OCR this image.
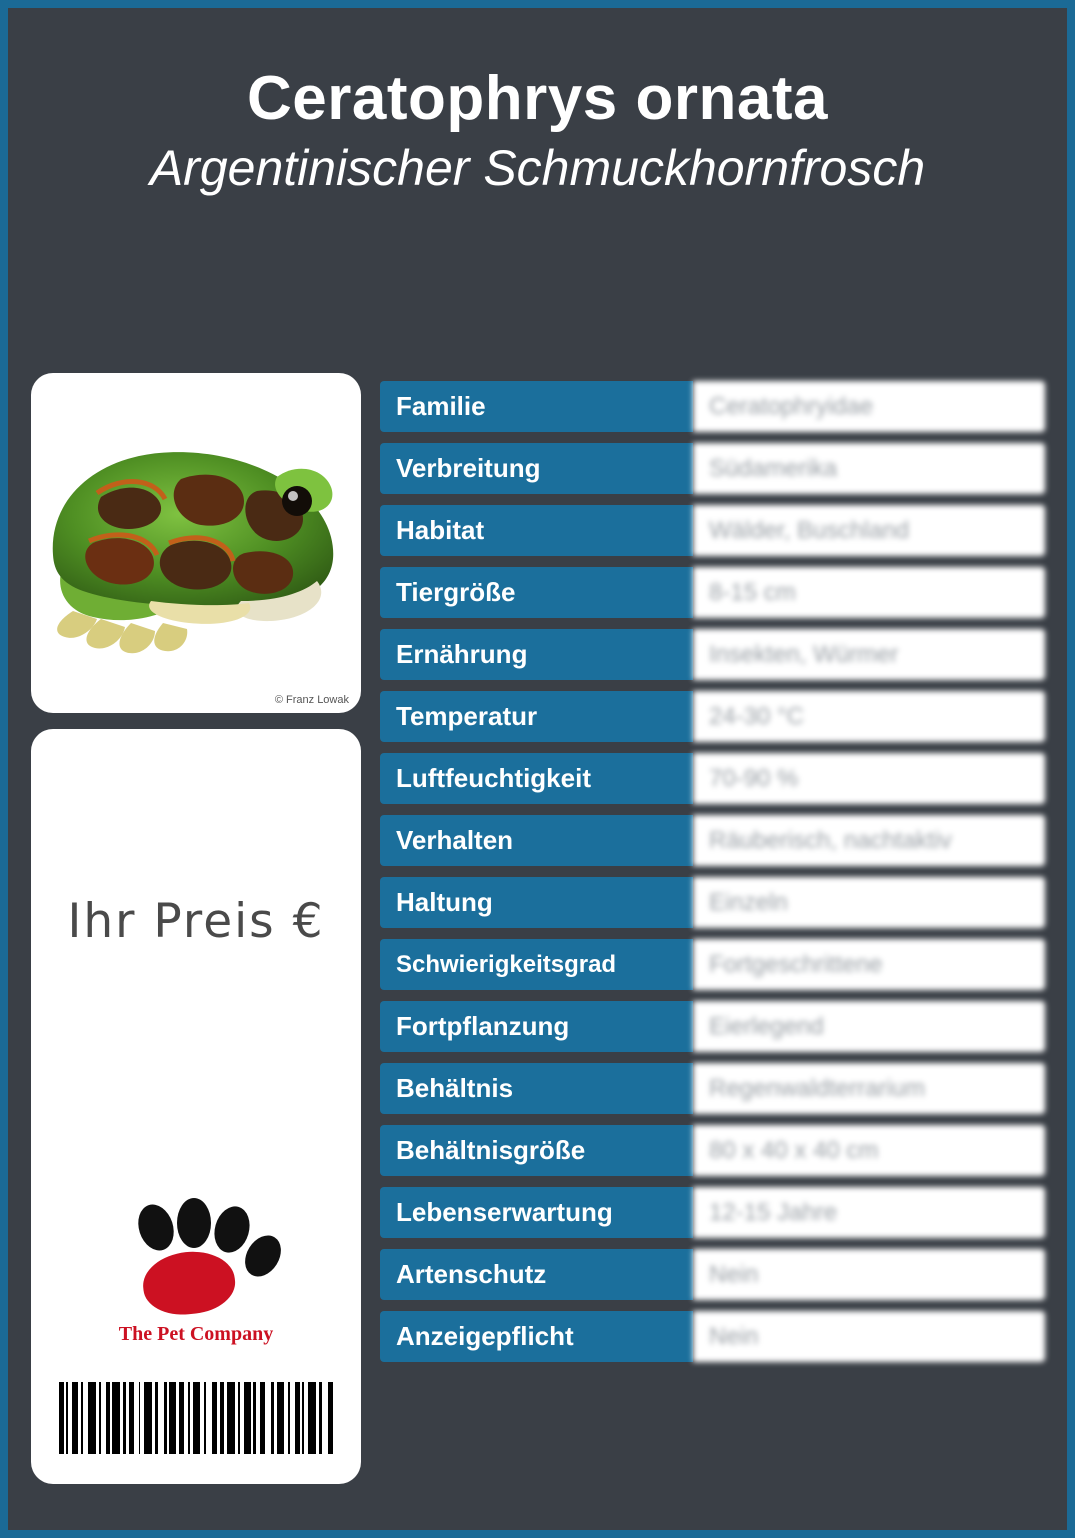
Ceratophrys ornata
Argentinischer Schmuckhornfrosch
© Franz Lowak
Ihr Preis €
The Pet Company
Familie	Ceratophryidae
Verbreitung	Südamerika
Habitat	Wälder, Buschland
Tiergröße	8-15 cm
Ernährung	Insekten, Würmer
Temperatur	24-30 °C
Luftfeuchtigkeit	70-90 %
Verhalten	Räuberisch, nachtaktiv
Haltung	Einzeln
Schwierigkeitsgrad	Fortgeschrittene
Fortpflanzung	Eierlegend
Behältnis	Regenwaldterrarium
Behältnisgröße	80 x 40 x 40 cm
Lebenserwartung	12-15 Jahre
Artenschutz	Nein
Anzeigepflicht	Nein
